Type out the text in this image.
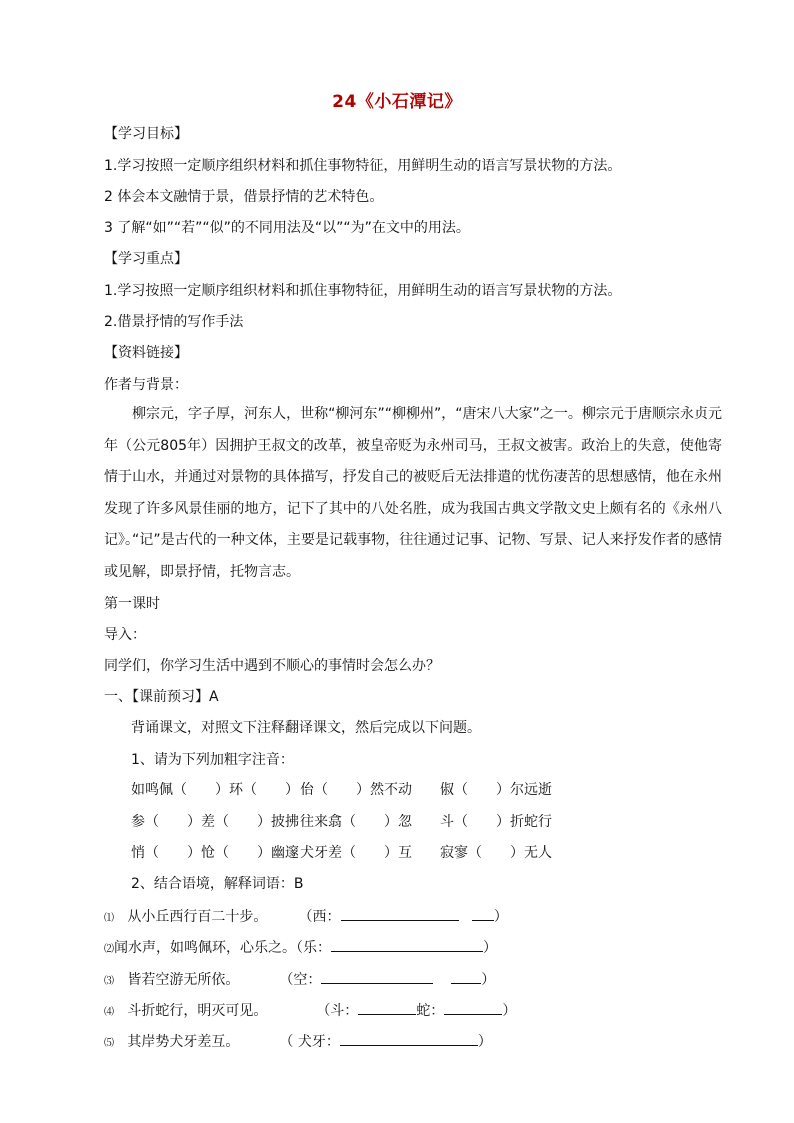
24《小石潭记》
【学习目标】
1.学习按照一定顺序组织材料和抓住事物特征，用鲜明生动的语言写景状物的方法。
2 体会本文融情于景，借景抒情的艺术特色。
3 了解“如”“若”“似”的不同用法及“以”“为”在文中的用法。
【学习重点】
1.学习按照一定顺序组织材料和抓住事物特征，用鲜明生动的语言写景状物的方法。
2.借景抒情的写作手法
【资料链接】
作者与背景：
柳宗元，字子厚，河东人，世称“柳河东”“柳柳州”，“唐宋八大家”之一。柳宗元于唐顺宗永贞元年（公元805年）因拥护王叔文的改革，被皇帝贬为永州司马，王叔文被害。政治上的失意，使他寄情于山水，并通过对景物的具体描写，抒发自己的被贬后无法排遣的忧伤凄苦的思想感情，他在永州发现了许多风景佳丽的地方，记下了其中的八处名胜，成为我国古典文学散文史上颇有名的《永州八记》。
“记”是古代的一种文体，主要是记载事物，往往通过记事、记物、写景、记人来抒发作者的感情或见解，即景抒情，托物言志。
第一课时
导入：
同学们，你学习生活中遇到不顺心的事情时会怎么办？
一、【课前预习】A
背诵课文，对照文下注释翻译课文，然后完成以下问题。
1、请为下列加粗字注音：
如鸣佩（　　）环（　　） 佁（　　）然不动 俶（　　）尔远逝
参（　　）差（　　）披拂 往来翕（　　）忽 斗（　　）折蛇行
悄（　　）怆（　　）幽邃 犬牙差（　　）互 寂寥（　　）无人
2、结合语境，解释词语：B
⑴ 从小丘西行百二十步。 （西：	）
⑵闻水声，如鸣佩环，心乐之。（乐：	）
⑶ 皆若空游无所依。	（空：	）
⑷ 斗折蛇行，明灭可见。	（斗：	蛇：	）
⑸ 其岸势犬牙差互。	（ 犬牙：	）
